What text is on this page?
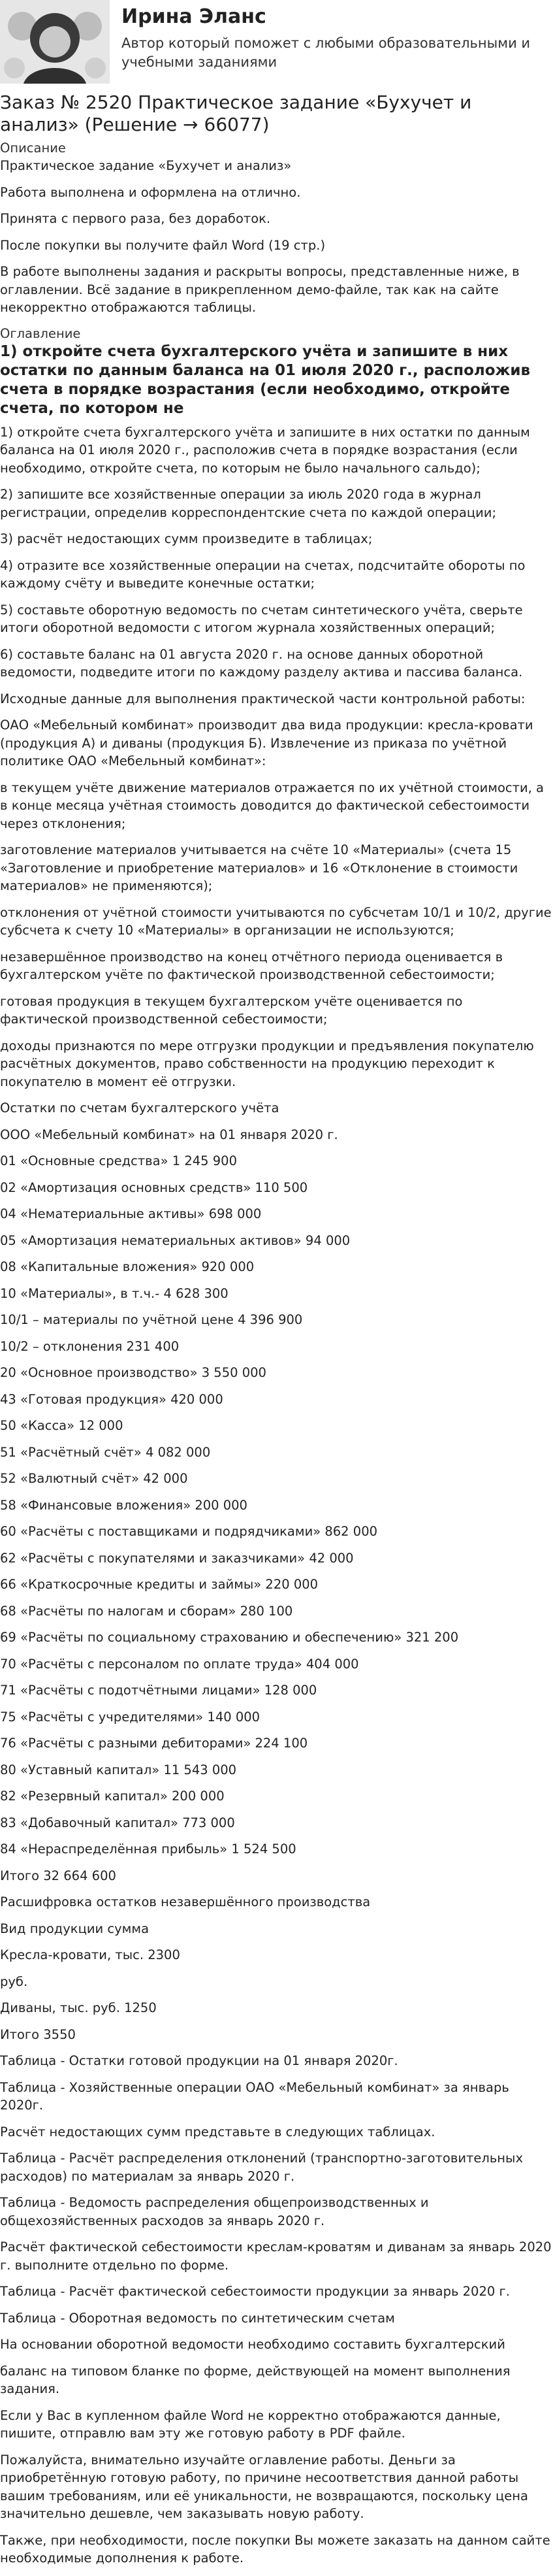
Ирина Эланс
Автор который поможет с любыми образовательными и учебными заданиями
Заказ № 2520 Практическое задание «Бухучет и анализ» (Решение → 66077)
Описание

Практическое задание «Бухучет и анализ»

Работа выполнена и оформлена на отлично.

Принята с первого раза, без доработок.

После покупки вы получите файл Word (19 стр.)

В работе выполнены задания и раскрыты вопросы, представленные ниже, в оглавлении. Всё задание в прикрепленном демо-файле, так как на сайте некорректно отображаются таблицы.

Оглавление
1) откройте счета бухгалтерского учёта и запишите в них остатки по данным баланса на 01 июля 2020 г., расположив счета в порядке возрастания (если необходимо, откройте счета, по котором не

1) откройте счета бухгалтерского учёта и запишите в них остатки по данным баланса на 01 июля 2020 г., расположив счета в порядке возрастания (если необходимо, откройте счета, по которым не было начального сальдо);

2) запишите все хозяйственные операции за июль 2020 года в журнал регистрации, определив корреспондентские счета по каждой операции;

3) расчёт недостающих сумм произведите в таблицах;

4) отразите все хозяйственные операции на счетах, подсчитайте обороты по каждому счёту и выведите конечные остатки;

5) составьте оборотную ведомость по счетам синтетического учёта, сверьте итоги оборотной ведомости с итогом журнала хозяйственных операций;

6) составьте баланс на 01 августа 2020 г. на основе данных оборотной ведомости, подведите итоги по каждому разделу актива и пассива баланса.

Исходные данные для выполнения практической части контрольной работы:

ОАО «Мебельный комбинат» производит два вида продукции: кресла-кровати (продукция А) и диваны (продукция Б). Извлечение из приказа по учётной политике ОАО «Мебельный комбинат»:

в текущем учёте движение материалов отражается по их учётной стоимости, а в конце месяца учётная стоимость доводится до фактической себестоимости через отклонения;

заготовление материалов учитывается на счёте 10 «Материалы» (счета 15 «Заготовление и приобретение материалов» и 16 «Отклонение в стоимости материалов» не применяются);

отклонения от учётной стоимости учитываются по субсчетам 10/1 и 10/2, другие субсчета к счету 10 «Материалы» в организации не используются;

незавершённое производство на конец отчётного периода оценивается в бухгалтерском учёте по фактической производственной себестоимости;

готовая продукция в текущем бухгалтерском учёте оценивается по фактической производственной себестоимости;

доходы признаются по мере отгрузки продукции и предъявления покупателю расчётных документов, право собственности на продукцию переходит к покупателю в момент её отгрузки.

Остатки по счетам бухгалтерского учёта

ООО «Мебельный комбинат» на 01 января 2020 г.

01 «Основные средства» 1 245 900

02 «Амортизация основных средств» 110 500

04 «Нематериальные активы» 698 000

05 «Амортизация нематериальных активов» 94 000

08 «Капитальные вложения» 920 000

10 «Материалы», в т.ч.- 4 628 300

10/1 – материалы по учётной цене 4 396 900

10/2 – отклонения 231 400

20 «Основное производство» 3 550 000

43 «Готовая продукция» 420 000

50 «Касса» 12 000

51 «Расчётный счёт» 4 082 000

52 «Валютный счёт» 42 000

58 «Финансовые вложения» 200 000

60 «Расчёты с поставщиками и подрядчиками» 862 000

62 «Расчёты с покупателями и заказчиками» 42 000

66 «Краткосрочные кредиты и займы» 220 000

68 «Расчёты по налогам и сборам» 280 100

69 «Расчёты по социальному страхованию и обеспечению» 321 200

70 «Расчёты с персоналом по оплате труда» 404 000

71 «Расчёты с подотчётными лицами» 128 000

75 «Расчёты с учредителями» 140 000

76 «Расчёты с разными дебиторами» 224 100

80 «Уставный капитал» 11 543 000

82 «Резервный капитал» 200 000

83 «Добавочный капитал» 773 000

84 «Нераспределённая прибыль» 1 524 500

Итого 32 664 600

Расшифровка остатков незавершённого производства

Вид продукции сумма

Кресла-кровати, тыс. 2300

руб.

Диваны, тыс. руб. 1250

Итого 3550

Таблица - Остатки готовой продукции на 01 января 2020г.

Таблица - Хозяйственные операции ОАО «Мебельный комбинат» за январь 2020г.

Расчёт недостающих сумм представьте в следующих таблицах.

Таблица - Расчёт распределения отклонений (транспортно-заготовительных расходов) по материалам за январь 2020 г.

Таблица - Ведомость распределения общепроизводственных и общехозяйственных расходов за январь 2020 г.

Расчёт фактической себестоимости креслам-кроватям и диванам за январь 2020 г. выполните отдельно по форме.

Таблица - Расчёт фактической себестоимости продукции за январь 2020 г.

Таблица - Оборотная ведомость по синтетическим счетам

На основании оборотной ведомости необходимо составить бухгалтерский

баланс на типовом бланке по форме, действующей на момент выполнения задания.

Если у Вас в купленном файле Word не корректно отображаются данные, пишите, отправлю вам эту же готовую работу в PDF файле.

Пожалуйста, внимательно изучайте оглавление работы. Деньги за приобретённую готовую работу, по причине несоответствия данной работы вашим требованиям, или её уникальности, не возвращаются, поскольку цена значительно дешевле, чем заказывать новую работу.

Также, при необходимости, после покупки Вы можете заказать на данном сайте необходимые дополнения к работе.
